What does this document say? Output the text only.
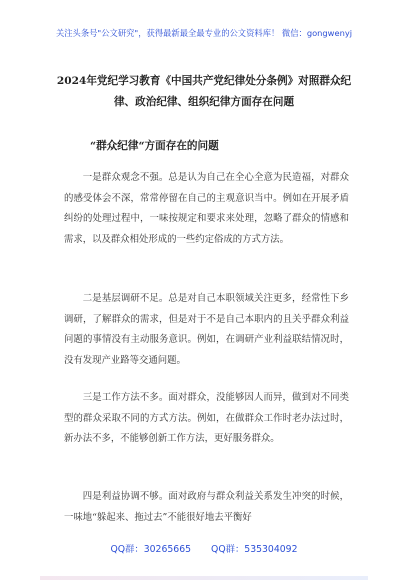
关注头条号"公文研究"，获得最新最全最专业的公文资料库！ 微信：gongwenyj
2024年党纪学习教育《中国共产党纪律处分条例》对照群众纪律、政治纪律、组织纪律方面存在问题
“群众纪律“方面存在的问题

一是群众观念不强。总是认为自己在全心全意为民造福，对群众的感受体会不深，常常停留在自己的主观意识当中。例如在开展矛盾纠纷的处理过程中，一味按规定和要求来处理，忽略了群众的情感和需求，以及群众相处形成的一些约定俗成的方式方法。

二是基层调研不足。总是对自己本职领域关注更多，经常性下乡调研，了解群众的需求，但是对于不是自己本职内的且关乎群众利益问题的事情没有主动服务意识。例如，在调研产业利益联结情况时，没有发现产业路等交通问题。

三是工作方法不多。面对群众，没能够因人而异，做到对不同类型的群众采取不同的方式方法。例如，在做群众工作时老办法过时，新办法不多，不能够创新工作方法，更好服务群众。

四是利益协调不够。面对政府与群众利益关系发生冲突的时候，一味地“躲起来、拖过去”不能很好地去平衡好

QQ群：30265665 QQ群：535304092
